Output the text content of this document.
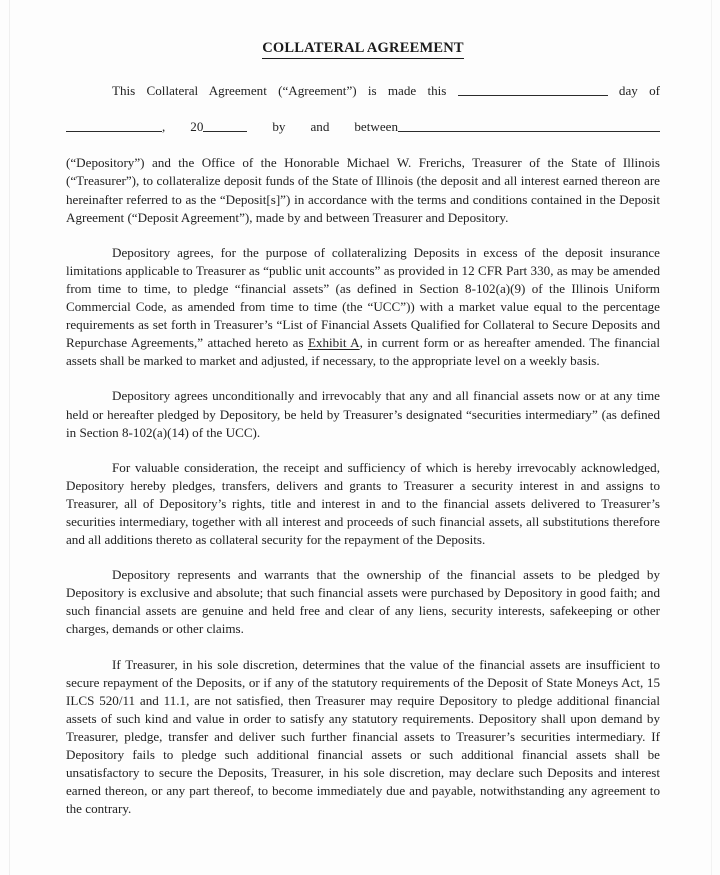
COLLATERAL AGREEMENT

This Collateral Agreement (“Agreement”) is made this	day of
, 20	by and between
(“Depository”) and the Office of the Honorable Michael W. Frerichs, Treasurer of the State of Illinois (“Treasurer”), to collateralize deposit funds of the State of Illinois (the deposit and all interest earned thereon are hereinafter referred to as the “Deposit[s]”) in accordance with the terms and conditions contained in the Deposit Agreement (“Deposit Agreement”), made by and between Treasurer and Depository.

Depository agrees, for the purpose of collateralizing Deposits in excess of the deposit insurance limitations applicable to Treasurer as “public unit accounts” as provided in 12 CFR Part 330, as may be amended from time to time, to pledge “financial assets” (as defined in Section 8-102(a)(9) of the Illinois Uniform Commercial Code, as amended from time to time (the “UCC”)) with a market value equal to the percentage requirements as set forth in Treasurer’s “List of Financial Assets Qualified for Collateral to Secure Deposits and Repurchase Agreements,” attached hereto as Exhibit A, in current form or as hereafter amended. The financial assets shall be marked to market and adjusted, if necessary, to the appropriate level on a weekly basis.

Depository agrees unconditionally and irrevocably that any and all financial assets now or at any time held or hereafter pledged by Depository, be held by Treasurer’s designated “securities intermediary” (as defined in Section 8-102(a)(14) of the UCC).

For valuable consideration, the receipt and sufficiency of which is hereby irrevocably acknowledged, Depository hereby pledges, transfers, delivers and grants to Treasurer a security interest in and assigns to Treasurer, all of Depository’s rights, title and interest in and to the financial assets delivered to Treasurer’s securities intermediary, together with all interest and proceeds of such financial assets, all substitutions therefore and all additions thereto as collateral security for the repayment of the Deposits.

Depository represents and warrants that the ownership of the financial assets to be pledged by Depository is exclusive and absolute; that such financial assets were purchased by Depository in good faith; and such financial assets are genuine and held free and clear of any liens, security interests, safekeeping or other charges, demands or other claims.

If Treasurer, in his sole discretion, determines that the value of the financial assets are insufficient to secure repayment of the Deposits, or if any of the statutory requirements of the Deposit of State Moneys Act, 15 ILCS 520/11 and 11.1, are not satisfied, then Treasurer may require Depository to pledge additional financial assets of such kind and value in order to satisfy any statutory requirements. Depository shall upon demand by Treasurer, pledge, transfer and deliver such further financial assets to Treasurer’s securities intermediary. If Depository fails to pledge such additional financial assets or such additional financial assets shall be unsatisfactory to secure the Deposits, Treasurer, in his sole discretion, may declare such Deposits and interest earned thereon, or any part thereof, to become immediately due and payable, notwithstanding any agreement to the contrary.
